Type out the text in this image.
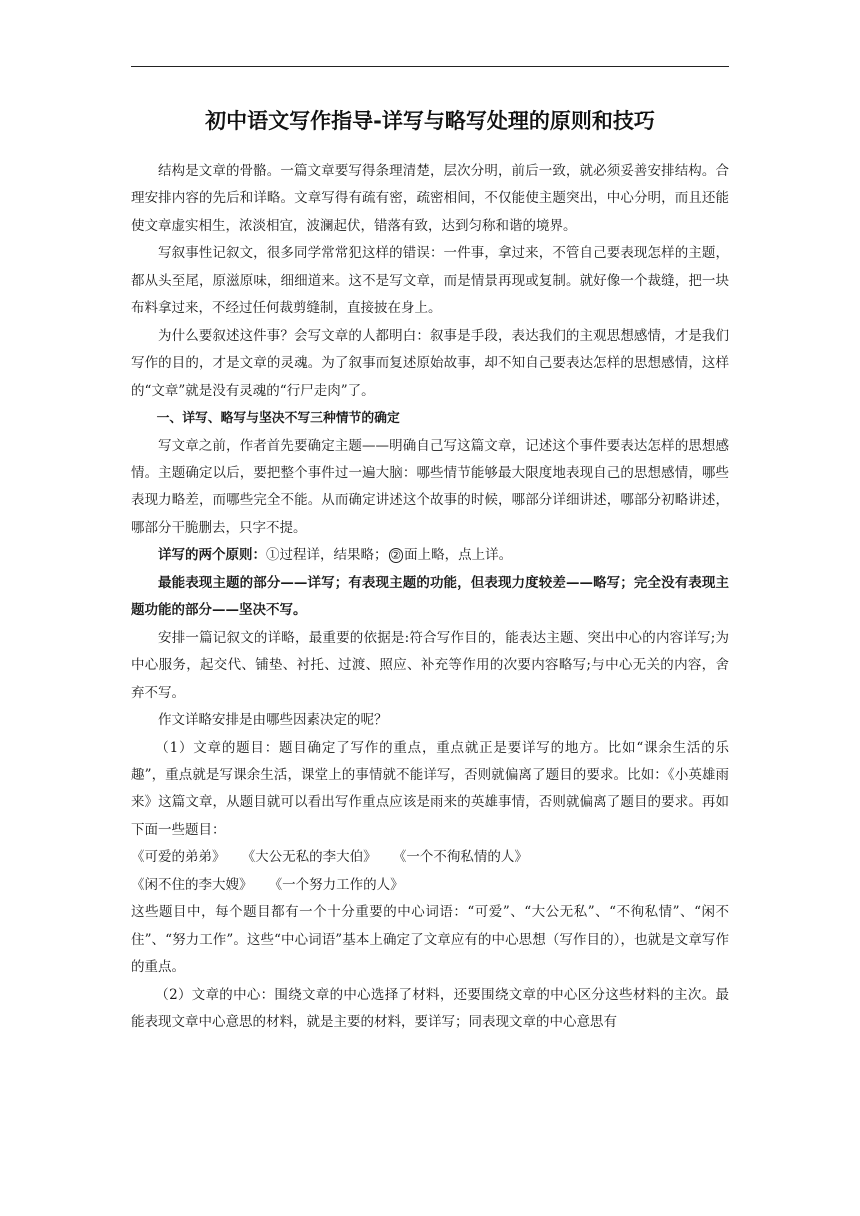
初中语文写作指导-详写与略写处理的原则和技巧

结构是文章的骨骼。一篇文章要写得条理清楚，层次分明，前后一致，就必须妥善安排结构。合理安排内容的先后和详略。文章写得有疏有密，疏密相间，不仅能使主题突出，中心分明，而且还能使文章虚实相生，浓淡相宜，波澜起伏，错落有致，达到匀称和谐的境界。

写叙事性记叙文，很多同学常常犯这样的错误：一件事，拿过来，不管自己要表现怎样的主题，都从头至尾，原滋原味，细细道来。这不是写文章，而是情景再现或复制。就好像一个裁缝，把一块布料拿过来，不经过任何裁剪缝制，直接披在身上。

为什么要叙述这件事？会写文章的人都明白：叙事是手段，表达我们的主观思想感情，才是我们写作的目的，才是文章的灵魂。为了叙事而复述原始故事，却不知自己要表达怎样的思想感情，这样的“文章”就是没有灵魂的“行尸走肉”了。

一、详写、略写与坚决不写三种情节的确定

写文章之前，作者首先要确定主题——明确自己写这篇文章，记述这个事件要表达怎样的思想感情。主题确定以后，要把整个事件过一遍大脑：哪些情节能够最大限度地表现自己的思想感情，哪些表现力略差，而哪些完全不能。从而确定讲述这个故事的时候，哪部分详细讲述，哪部分初略讲述，哪部分干脆删去，只字不提。

详写的两个原则：①过程详，结果略； ② 面上略，点上详。

最能表现主题的部分——详写；有表现主题的功能，但表现力度较差——略写；完全没有表现主题功能的部分——坚决不写。

安排一篇记叙文的详略，最重要的依据是:符合写作目的，能表达主题、突出中心的内容详写;为中心服务，起交代、铺垫、衬托、过渡、照应、补充等作用的次要内容略写;与中心无关的内容，舍弃不写。

作文详略安排是由哪些因素决定的呢？

（1）文章的题目：题目确定了写作的重点，重点就正是要详写的地方。比如“课余生活的乐趣”，重点就是写课余生活，课堂上的事情就不能详写，否则就偏离了题目的要求。比如：《小英雄雨来》这篇文章，从题目就可以看出写作重点应该是雨来的英雄事情，否则就偏离了题目的要求。再如下面一些题目：

《可爱的弟弟》 《大公无私的李大伯》 《一个不徇私情的人》

《闲不住的李大嫂》 《一个努力工作的人》

这些题目中，每个题目都有一个十分重要的中心词语：“可爱”、“大公无私”、“不徇私情”、“闲不住”、“努力工作”。这些“中心词语”基本上确定了文章应有的中心思想（写作目的），也就是文章写作的重点。

（2）文章的中心：围绕文章的中心选择了材料，还要围绕文章的中心区分这些材料的主次。最能表现文章中心意思的材料，就是主要的材料，要详写；同表现文章的中心意思有
